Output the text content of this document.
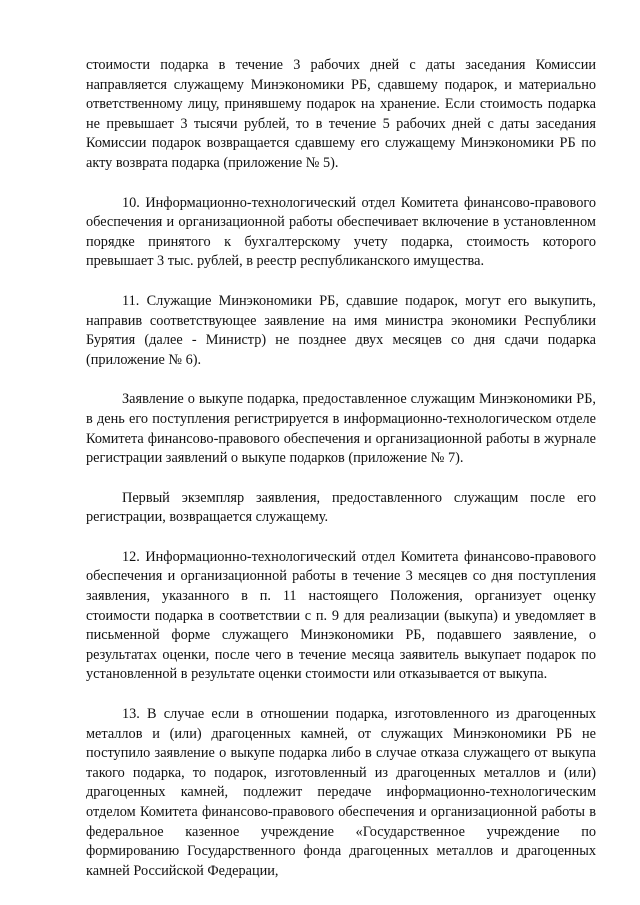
стоимости подарка в течение 3 рабочих дней с даты заседания Комиссии направляется служащему Минэкономики РБ, сдавшему подарок, и материально ответственному лицу, принявшему подарок на хранение. Если стоимость подарка не превышает 3 тысячи рублей, то в течение 5 рабочих дней с даты заседания Комиссии подарок возвращается сдавшему его служащему Минэкономики РБ по акту возврата подарка (приложение № 5).

10. Информационно-технологический отдел Комитета финансово-правового обеспечения и организационной работы обеспечивает включение в установленном порядке принятого к бухгалтерскому учету подарка, стоимость которого превышает 3 тыс. рублей, в реестр республиканского имущества.

11. Служащие Минэкономики РБ, сдавшие подарок, могут его выкупить, направив соответствующее заявление на имя министра экономики Республики Бурятия (далее - Министр) не позднее двух месяцев со дня сдачи подарка (приложение № 6).

Заявление о выкупе подарка, предоставленное служащим Минэкономики РБ, в день его поступления регистрируется в информационно-технологическом отделе Комитета финансово-правового обеспечения и организационной работы в журнале регистрации заявлений о выкупе подарков (приложение № 7).

Первый экземпляр заявления, предоставленного служащим после его регистрации, возвращается служащему.

12. Информационно-технологический отдел Комитета финансово-правового обеспечения и организационной работы в течение 3 месяцев со дня поступления заявления, указанного в п. 11 настоящего Положения, организует оценку стоимости подарка в соответствии с п. 9 для реализации (выкупа) и уведомляет в письменной форме служащего Минэкономики РБ, подавшего заявление, о результатах оценки, после чего в течение месяца заявитель выкупает подарок по установленной в результате оценки стоимости или отказывается от выкупа.

13. В случае если в отношении подарка, изготовленного из драгоценных металлов и (или) драгоценных камней, от служащих Минэкономики РБ не поступило заявление о выкупе подарка либо в случае отказа служащего от выкупа такого подарка, то подарок, изготовленный из драгоценных металлов и (или) драгоценных камней, подлежит передаче информационно-технологическим отделом Комитета финансово-правового обеспечения и организационной работы в федеральное казенное учреждение «Государственное учреждение по формированию Государственного фонда драгоценных металлов и драгоценных камней Российской Федерации,
